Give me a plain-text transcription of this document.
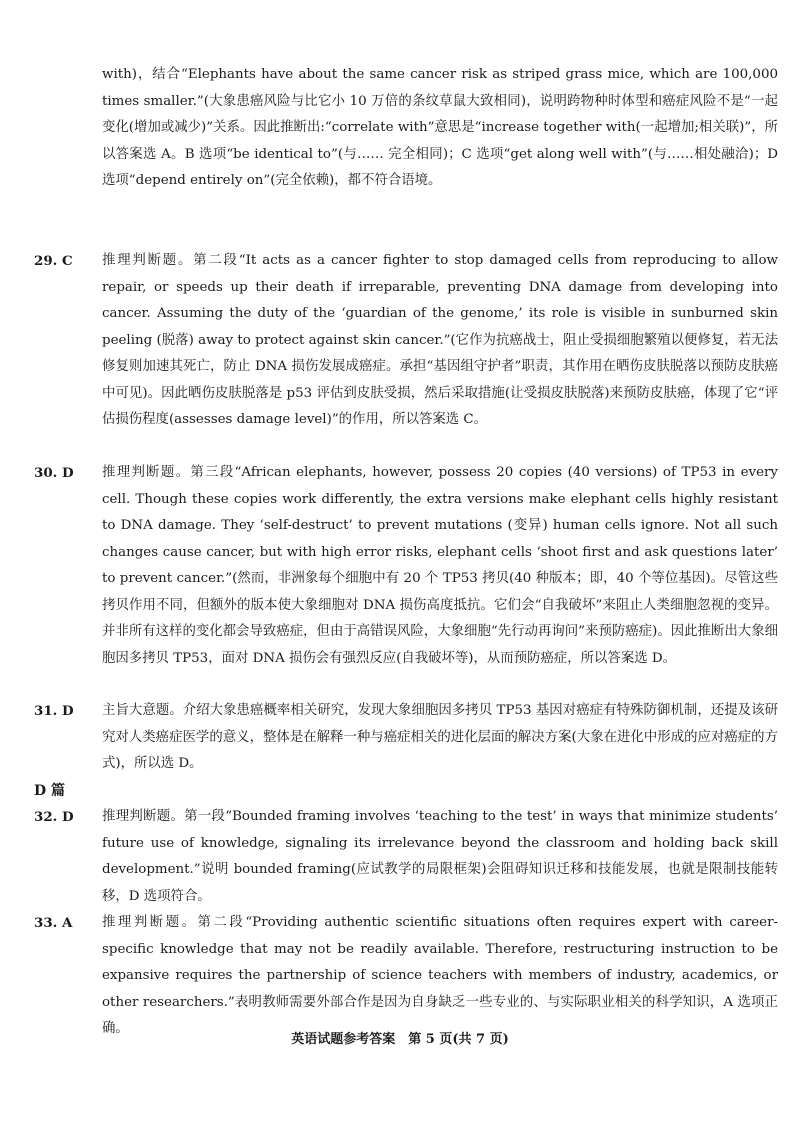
with)，结合“Elephants have about the same cancer risk as striped grass mice, which are 100,000 times smaller.”(大象患癌风险与比它小 10 万倍的条纹草鼠大致相同)，说明跨物种时体型和癌症风险不是“一起变化(增加或减少)”关系。因此推断出:“correlate with”意思是“increase together with(一起增加;相关联)”，所以答案选 A。B 选项“be identical to”(与…… 完全相同)；C 选项“get along well with”(与……相处融洽)；D 选项“depend entirely on”(完全依赖)，都不符合语境。

29. C 推理判断题。第二段“It acts as a cancer fighter to stop damaged cells from reproducing to allow repair, or speeds up their death if irreparable, preventing DNA damage from developing into cancer. Assuming the duty of the ‘guardian of the genome,’ its role is visible in sunburned skin peeling (脱落) away to protect against skin cancer.”(它作为抗癌战士，阻止受损细胞繁殖以便修复，若无法修复则加速其死亡，防止 DNA 损伤发展成癌症。承担“基因组守护者”职责，其作用在晒伤皮肤脱落以预防皮肤癌中可见)。因此晒伤皮肤脱落是 p53 评估到皮肤受损，然后采取措施(让受损皮肤脱落)来预防皮肤癌，体现了它“评估损伤程度(assesses damage level)”的作用，所以答案选 C。
30. D 推理判断题。第三段“African elephants, however, possess 20 copies (40 versions) of TP53 in every cell. Though these copies work differently, the extra versions make elephant cells highly resistant to DNA damage. They ‘self-destruct’ to prevent mutations (变异) human cells ignore. Not all such changes cause cancer, but with high error risks, elephant cells ‘shoot first and ask questions later’ to prevent cancer.”(然而，非洲象每个细胞中有 20 个 TP53 拷贝(40 种版本；即，40 个等位基因)。尽管这些拷贝作用不同，但额外的版本使大象细胞对 DNA 损伤高度抵抗。它们会“自我破坏”来阻止人类细胞忽视的变异。并非所有这样的变化都会导致癌症，但由于高错误风险，大象细胞“先行动再询问”来预防癌症)。因此推断出大象细胞因多拷贝 TP53，面对 DNA 损伤会有强烈反应(自我破坏等)，从而预防癌症，所以答案选 D。
31. D 主旨大意题。介绍大象患癌概率相关研究，发现大象细胞因多拷贝 TP53 基因对癌症有特殊防御机制，还提及该研究对人类癌症医学的意义，整体是在解释一种与癌症相关的进化层面的解决方案(大象在进化中形成的应对癌症的方式)，所以选 D。
D 篇
32. D 推理判断题。第一段“Bounded framing involves ‘teaching to the test’ in ways that minimize students’ future use of knowledge, signaling its irrelevance beyond the classroom and holding back skill development.”说明 bounded framing(应试教学的局限框架)会阻碍知识迁移和技能发展，也就是限制技能转移，D 选项符合。
33. A 推理判断题。第二段“Providing authentic scientific situations often requires expert with career-specific knowledge that may not be readily available. Therefore, restructuring instruction to be expansive requires the partnership of science teachers with members of industry, academics, or other researchers.”表明教师需要外部合作是因为自身缺乏一些专业的、与实际职业相关的科学知识，A 选项正确。
英语试题参考答案　第 5 页(共 7 页)
